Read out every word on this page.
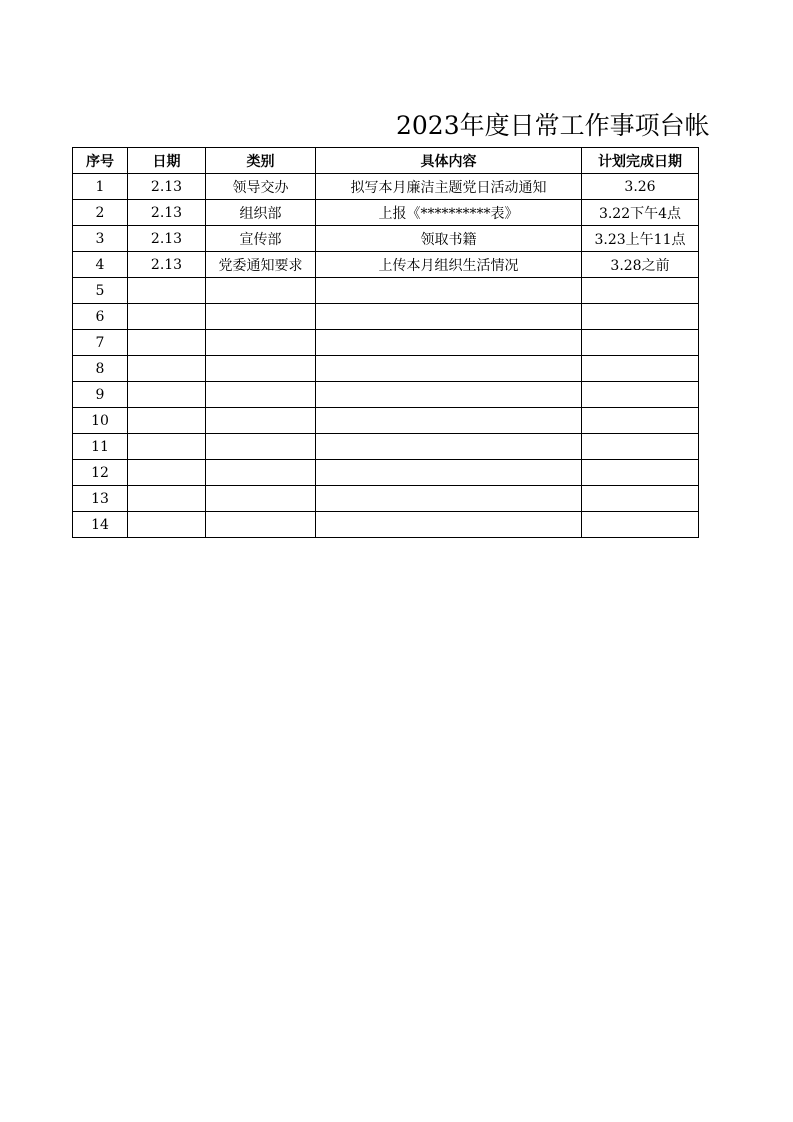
2023年度日常工作事项台帐
序号	日期	类别	具体内容	计划完成日期
1	2.13	领导交办	拟写本月廉洁主题党日活动通知	3.26
2	2.13	组织部	上报《**********表》	3.22下午4点
3	2.13	宣传部	领取书籍	3.23上午11点
4	2.13	党委通知要求	上传本月组织生活情况	3.28之前
5				
6				
7				
8				
9				
10				
11				
12				
13				
14				
